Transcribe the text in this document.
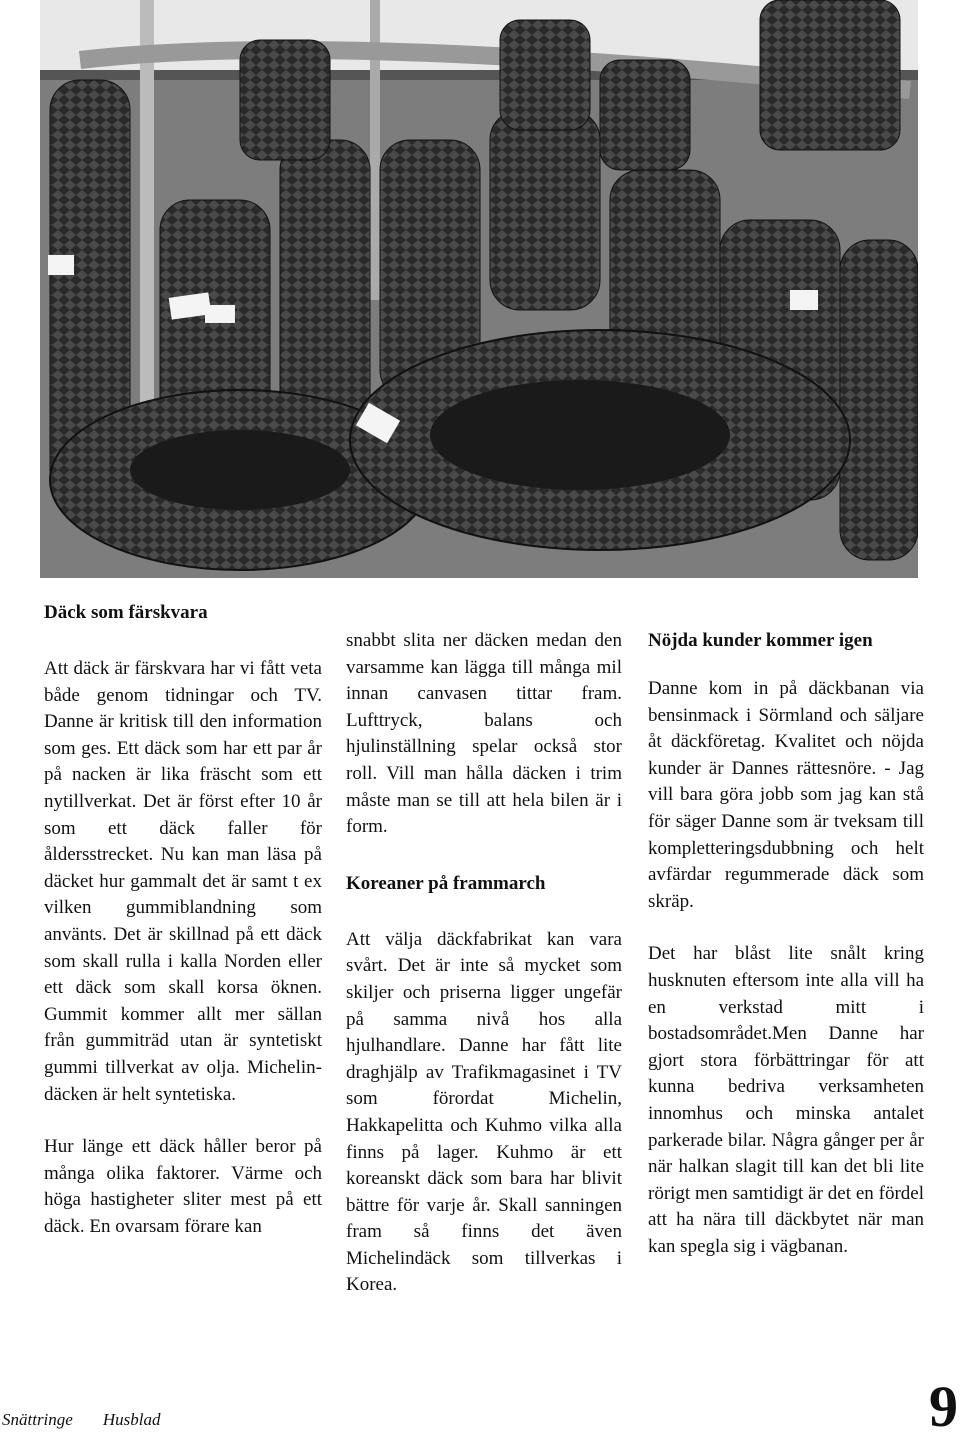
Däck som färskvara

Att däck är färskvara har vi fått veta både genom tidningar och TV. Danne är kritisk till den information som ges. Ett däck som har ett par år på nacken är lika fräscht som ett nytillverkat. Det är först efter 10 år som ett däck faller för åldersstrecket. Nu kan man läsa på däcket hur gammalt det är samt t ex vilken gummiblandning som använts. Det är skillnad på ett däck som skall rulla i kalla Norden eller ett däck som skall korsa öknen. Gummit kommer allt mer sällan från gummiträd utan är syntetiskt gummi tillverkat av olja. Michelin-däcken är helt syntetiska.

Hur länge ett däck håller beror på många olika faktorer. Värme och höga hastigheter sliter mest på ett däck. En ovarsam förare kan

snabbt slita ner däcken medan den varsamme kan lägga till många mil innan canvasen tittar fram. Lufttryck, balans och hjulinställning spelar också stor roll. Vill man hålla däcken i trim måste man se till att hela bilen är i form.

Koreaner på frammarch

Att välja däckfabrikat kan vara svårt. Det är inte så mycket som skiljer och priserna ligger ungefär på samma nivå hos alla hjulhandlare. Danne har fått lite draghjälp av Trafikmagasinet i TV som förordat Michelin, Hakkapelitta och Kuhmo vilka alla finns på lager. Kuhmo är ett koreanskt däck som bara har blivit bättre för varje år. Skall sanningen fram så finns det även Michelindäck som tillverkas i Korea.

Nöjda kunder kommer igen

Danne kom in på däckbanan via bensinmack i Sörmland och säljare åt däckföretag. Kvalitet och nöjda kunder är Dannes rättesnöre. - Jag vill bara göra jobb som jag kan stå för säger Danne som är tveksam till kompletteringsdubbning och helt avfärdar regummerade däck som skräp.

Det har blåst lite snålt kring husknuten eftersom inte alla vill ha en verkstad mitt i bostadsområdet.Men Danne har gjort stora förbättringar för att kunna bedriva verksamheten innomhus och minska antalet parkerade bilar. Några gånger per år när halkan slagit till kan det bli lite rörigt men samtidigt är det en fördel att ha nära till däckbytet när man kan spegla sig i vägbanan.

Snättringe Husblad	9
